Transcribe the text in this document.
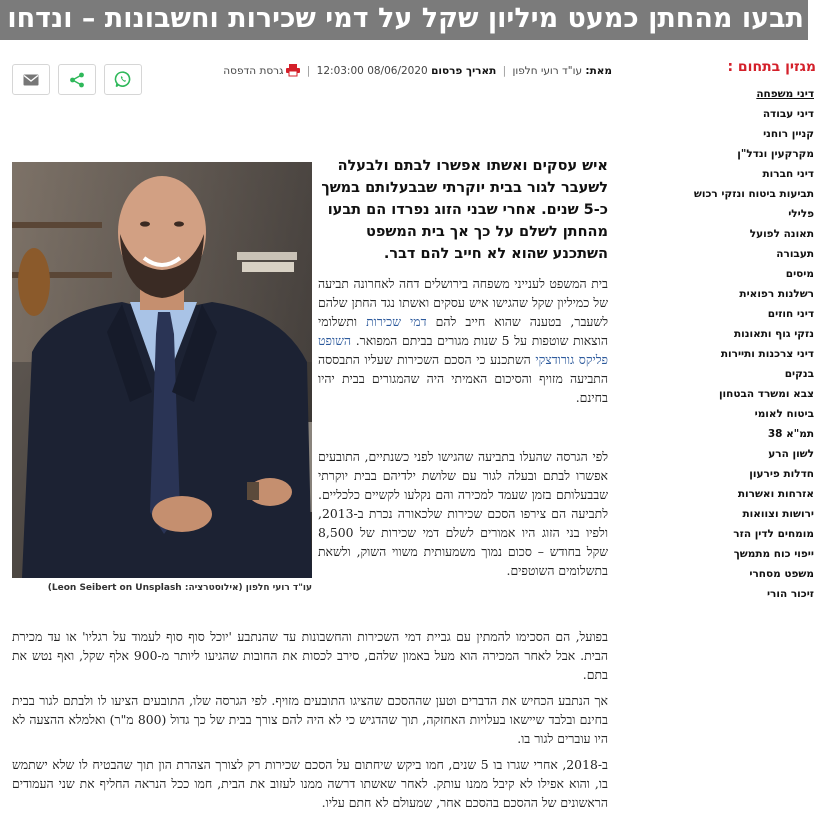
תבעו מהחתן כמעט מיליון שקל על דמי שכירות וחשבונות – ונדחו
מגזין בתחום :
דיני משפחה
דיני עבודה
קניין רוחני
מקרקעין ונדל"ן
דיני חברות
תביעות ביטוח ונזקי רכוש
פלילי
תאונה לפועל
תעבורה
מיסים
רשלנות רפואית
דיני חוזים
נזקי גוף ותאונות
דיני צרכנות ותיירות
בנקים
צבא ומשרד הבטחון
ביטוח לאומי
תמ"א 38
לשון הרע
חדלות פירעון
אזרחות ואשרות
ירושות וצוואות
מומחים לדין הזר
ייפוי כוח מתמשך
משפט מסחרי
זיכור הורי
מאת: עו"ד רועי חלפון | תאריך פרסום 08/06/2020 12:03:00 | גרסת הדפסה
עו"ד רועי חלפון (אילוסטרציה: Leon Seibert on Unsplash)
איש עסקים ואשתו אפשרו לבתם ולבעלה לשעבר לגור בבית יוקרתי שבבעלותם במשך כ-5 שנים. אחרי שבני הזוג נפרדו הם תבעו מהחתן לשלם על כך אך בית המשפט השתכנע שהוא לא חייב להם דבר.
בית המשפט לענייני משפחה בירושלים דחה לאחרונה תביעה של כמיליון שקל שהגישו איש עסקים ואשתו נגד החתן שלהם לשעבר, בטענה שהוא חייב להם דמי שכירות ותשלומי הוצאות שוטפות על 5 שנות מגורים בביתם המפואר. השופט פליקס גורודצקי השתכנע כי הסכם השכירות שעליו התבססה התביעה מזויף והסיכום האמיתי היה שהמגורים בבית יהיו בחינם.
לפי הגרסה שהעלו בתביעה שהגישו לפני כשנתיים, התובעים אפשרו לבתם ובעלה לגור עם שלושת ילדיהם בבית יוקרתי שבבעלותם בזמן שעמד למכירה והם נקלעו לקשיים כלכליים. לתביעה הם צירפו הסכם שכירות שלכאורה נכרת ב-2013, ולפיו בני הזוג היו אמורים לשלם דמי שכירות של 8,500 שקל בחודש – סכום נמוך משמעותית משווי השוק, ולשאת בתשלומים השוטפים.
בפועל, הם הסכימו להמתין עם גביית דמי השכירות והחשבונות עד שהנתבע 'יוכל סוף סוף לעמוד על רגליו' או עד מכירת הבית. אבל לאחר המכירה הוא מעל באמון שלהם, סירב לכסות את החובות שהגיעו ליותר מ-900 אלף שקל, ואף נטש את בתם.
אך הנתבע הכחיש את הדברים וטען שההסכם שהציגו התובעים מזויף. לפי הגרסה שלו, התובעים הציעו לו ולבתם לגור בבית בחינם ובלבד שיישאו בעלויות האחזקה, תוך שהדגיש כי לא היה להם צורך בבית של כך גדול (800 מ"ר) ואלמלא ההצעה לא היו עוברים לגור בו.
ב-2018, אחרי שגרו בו 5 שנים, חמו ביקש שיחתום על הסכם שכירות רק לצורך הצהרת הון תוך שהבטיח לו שלא ישתמש בו, והוא אפילו לא קיבל ממנו עותק. לאחר שאשתו דרשה ממנו לעזוב את הבית, חמו ככל הנראה החליף את שני העמודים הראשונים של ההסכם בהסכם אחר, שמעולם לא חתם עליו.
